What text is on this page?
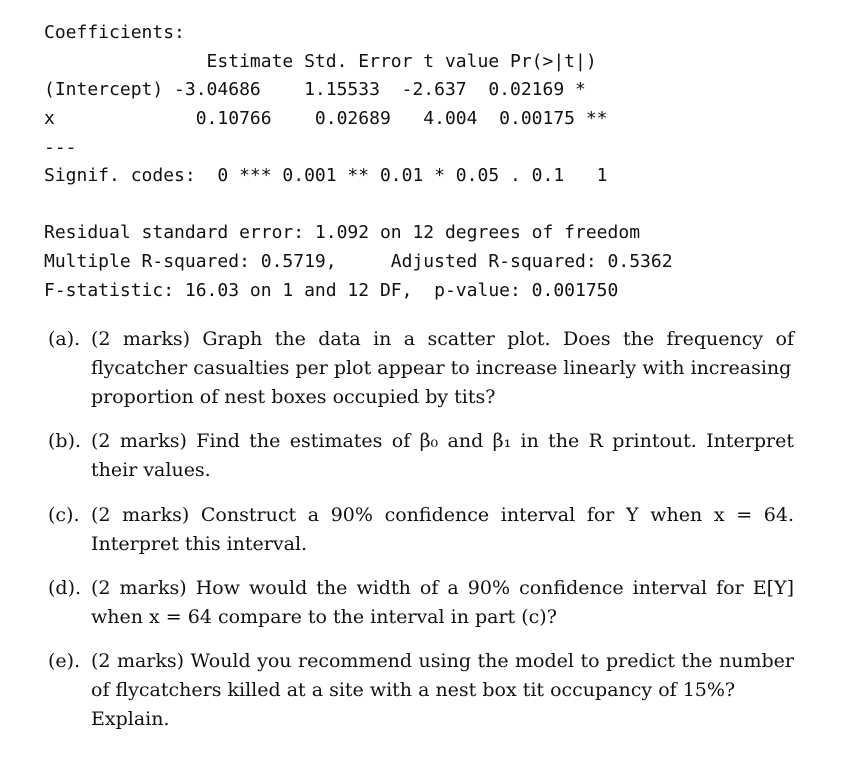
Coefficients:
Estimate Std. Error t value Pr(>|t|)
(Intercept) -3.04686    1.15533  -2.637  0.02169 *
x             0.10766    0.02689   4.004  0.00175 **
---
Signif. codes:  0 *** 0.001 ** 0.01 * 0.05 . 0.1   1
Residual standard error: 1.092 on 12 degrees of freedom
Multiple R-squared: 0.5719,     Adjusted R-squared: 0.5362
F-statistic: 16.03 on 1 and 12 DF,  p-value: 0.001750
(a). (2 marks) Graph the data in a scatter plot. Does the frequency of
flycatcher casualties per plot appear to increase linearly with increasing proportion of nest boxes occupied by tits?
(b). (2 marks) Find the estimates of β₀ and β₁ in the R printout. Interpret
their values.
(c). (2 marks) Construct a 90% confidence interval for Y when x = 64.
Interpret this interval.
(d). (2 marks) How would the width of a 90% confidence interval for E[Y]
when x = 64 compare to the interval in part (c)?
(e). (2 marks) Would you recommend using the model to predict the number
of flycatchers killed at a site with a nest box tit occupancy of 15%? Explain.
